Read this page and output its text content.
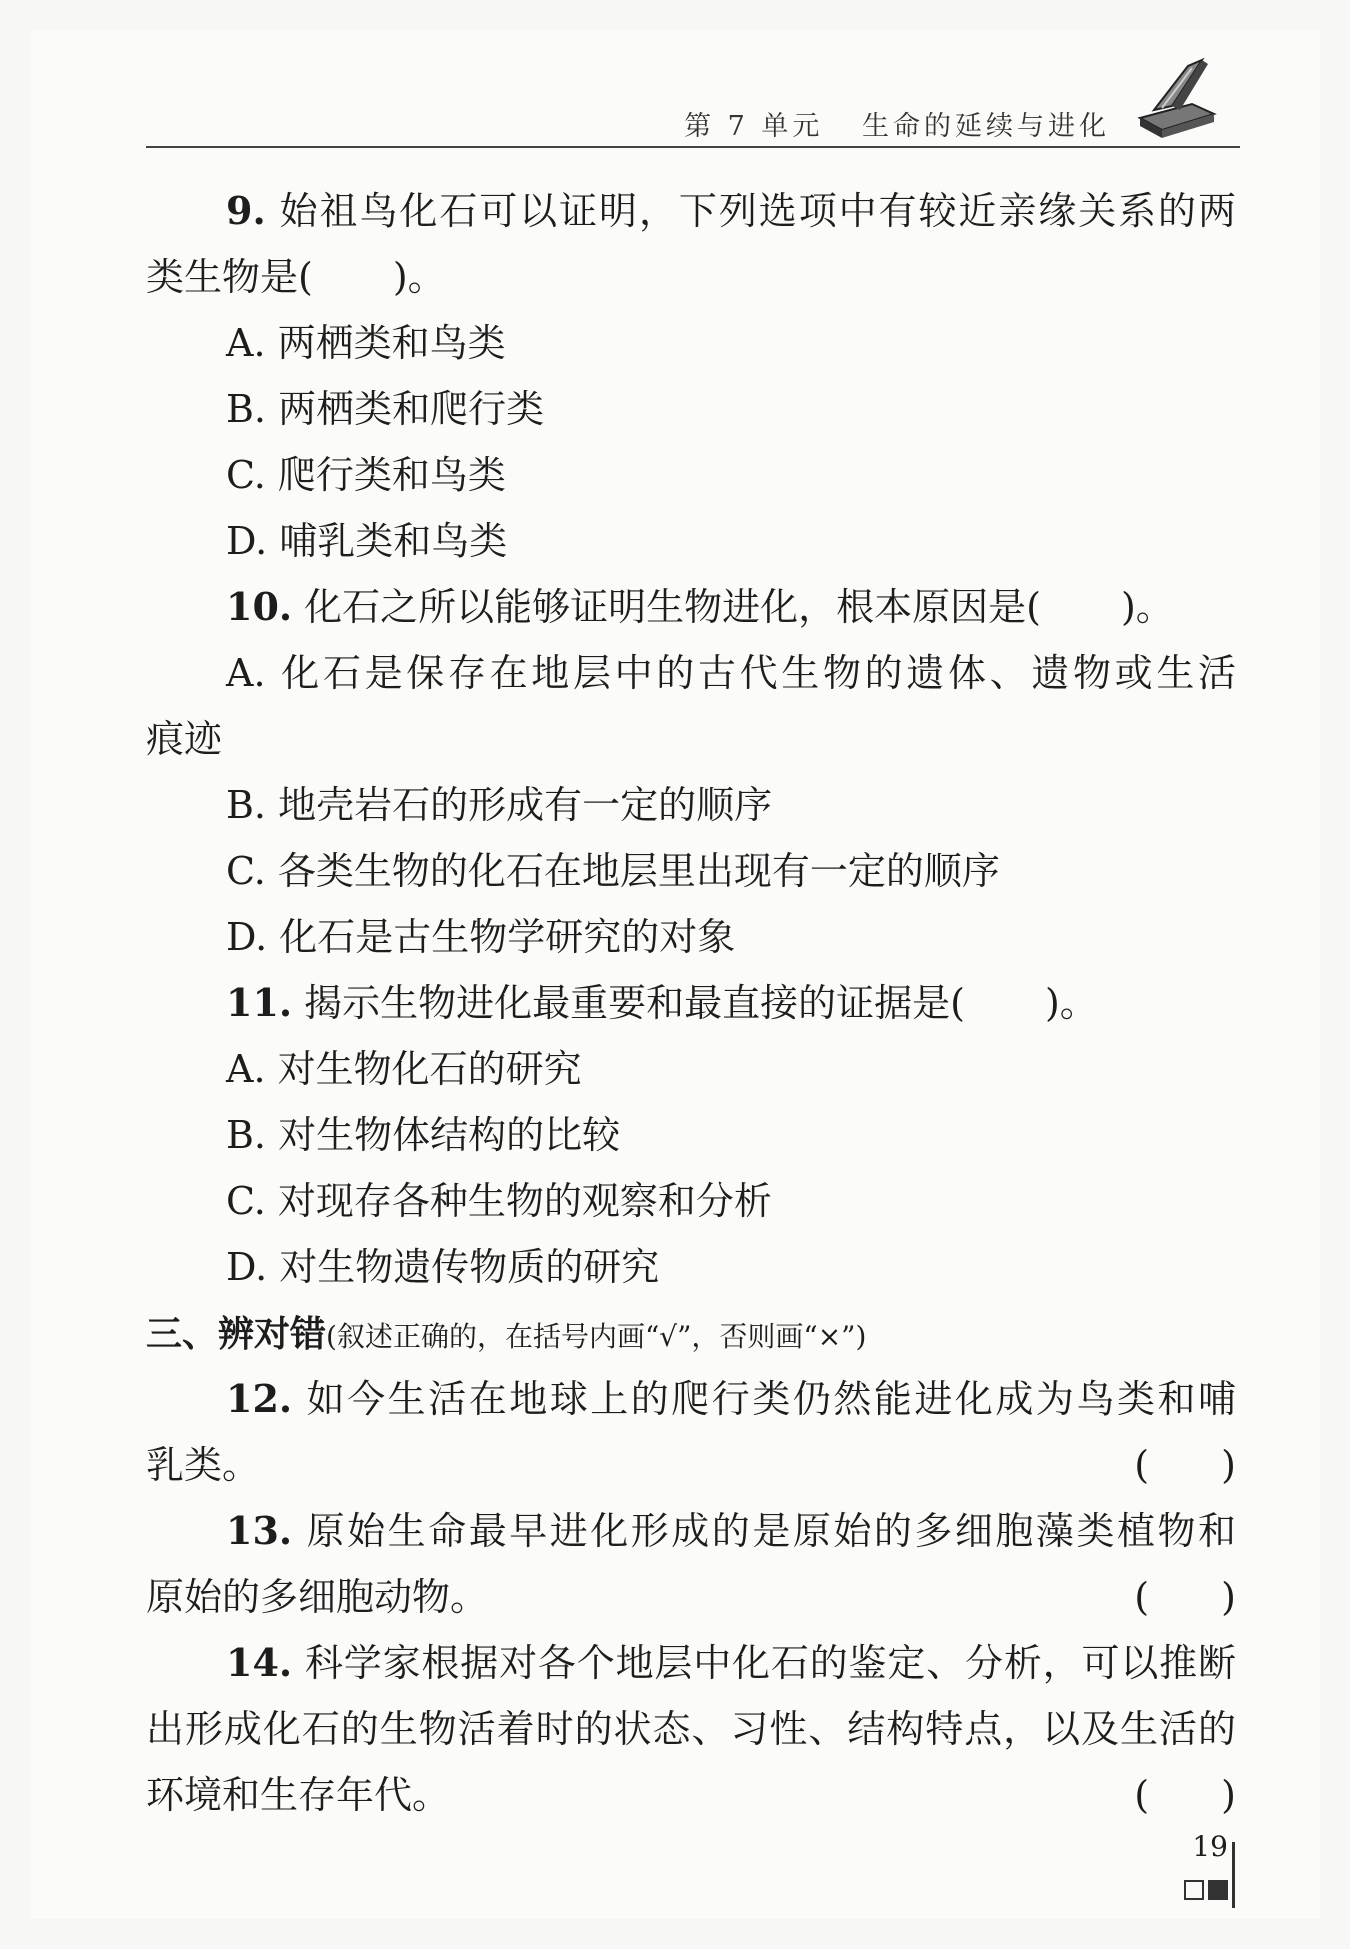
第 7 单元 生命的延续与进化
9. 始祖鸟化石可以证明，下列选项中有较近亲缘关系的两
类生物是( )。
A. 两栖类和鸟类
B. 两栖类和爬行类
C. 爬行类和鸟类
D. 哺乳类和鸟类
10. 化石之所以能够证明生物进化，根本原因是( )。
A. 化石是保存在地层中的古代生物的遗体、遗物或生活
痕迹
B. 地壳岩石的形成有一定的顺序
C. 各类生物的化石在地层里出现有一定的顺序
D. 化石是古生物学研究的对象
11. 揭示生物进化最重要和最直接的证据是( )。
A. 对生物化石的研究
B. 对生物体结构的比较
C. 对现存各种生物的观察和分析
D. 对生物遗传物质的研究
三、辨对错(叙述正确的，在括号内画“√”，否则画“×”)
12. 如今生活在地球上的爬行类仍然能进化成为鸟类和哺
乳类。	( )
13. 原始生命最早进化形成的是原始的多细胞藻类植物和
原始的多细胞动物。	( )
14. 科学家根据对各个地层中化石的鉴定、分析，可以推断
出形成化石的生物活着时的状态、习性、结构特点，以及生活的
环境和生存年代。	( )
19
